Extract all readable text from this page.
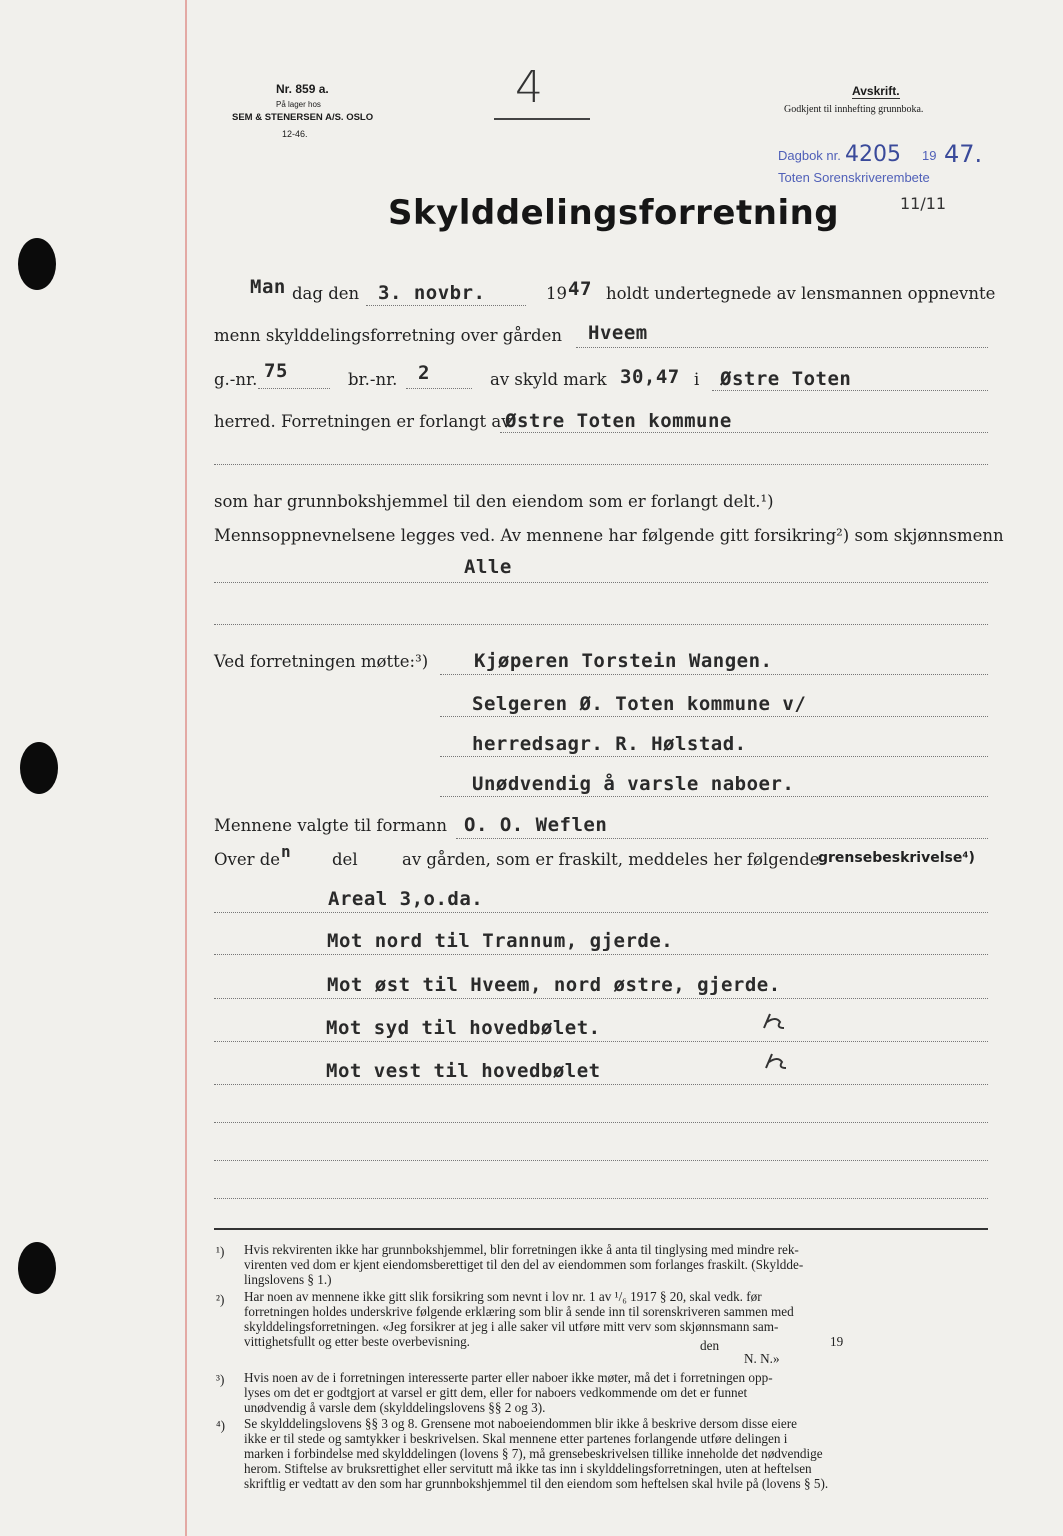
Nr. 859 a.
På lager hos
SEM & STENERSEN A/S. OSLO
12-46.
4	Avskrift.
Godkjent til innhefting grunnboka.
Dagbok nr. 4205 19 47.
Toten Sorenskriverembete
11/11
Skylddelingsforretning
Man dag den 3. novbr.	19 47 holdt undertegnede av lensmannen oppnevnte
menn skylddelingsforretning over gården Hveem
g.-nr. 75	br.-nr. 2	av skyld mark 30,47 i Østre Toten
herred. Forretningen er forlangt av
Østre Toten kommune
som har grunnbokshjemmel til den eiendom som er forlangt delt.¹)
Mennsoppnevnelsene legges ved. Av mennene har følgende gitt forsikring²) som skjønnsmenn
Alle
Ved forretningen møtte:³) Kjøperen Torstein Wangen.
Selgeren Ø. Toten kommune v/
herredsagr. R. Hølstad.
Unødvendig å varsle naboer.
Mennene valgte til formann O. O. Weflen
Over de n del	av gården, som er fraskilt, meddeles her følgende
grensebeskrivelse⁴)
Areal 3,o.da.
Mot nord til Trannum, gjerde.
Mot øst til Hveem, nord østre, gjerde.
Mot syd til hovedbølet.
Mot vest til hovedbølet
¹) Hvis rekvirenten ikke har grunnbokshjemmel, blir forretningen ikke å anta til tinglysing med mindre rek-
virenten ved dom er kjent eiendomsberettiget til den del av eiendommen som forlanges fraskilt. (Skyldde-
lingslovens § 1.)
²) Har noen av mennene ikke gitt slik forsikring som nevnt i lov nr. 1 av ¹/₆ 1917 § 20, skal vedk. før
forretningen holdes underskrive følgende erklæring som blir å sende inn til sorenskriveren sammen med
skylddelingsforretningen. «Jeg forsikrer at jeg i alle saker vil utføre mitt verv som skjønnsmann sam-
vittighetsfullt og etter beste overbevisning.	den	19
N. N.»
³) Hvis noen av de i forretningen interesserte parter eller naboer ikke møter, må det i forretningen opp-
lyses om det er godtgjort at varsel er gitt dem, eller for naboers vedkommende om det er funnet
unødvendig å varsle dem (skylddelingslovens §§ 2 og 3).
⁴) Se skylddelingslovens §§ 3 og 8. Grensene mot naboeiendommen blir ikke å beskrive dersom disse eiere
ikke er til stede og samtykker i beskrivelsen. Skal mennene etter partenes forlangende utføre delingen i
marken i forbindelse med skylddelingen (lovens § 7), må grensebeskrivelsen tillike inneholde det nødvendige
herom. Stiftelse av bruksrettighet eller servitutt må ikke tas inn i skylddelingsforretningen, uten at heftelsen
skriftlig er vedtatt av den som har grunnbokshjemmel til den eiendom som heftelsen skal hvile på (lovens § 5).
